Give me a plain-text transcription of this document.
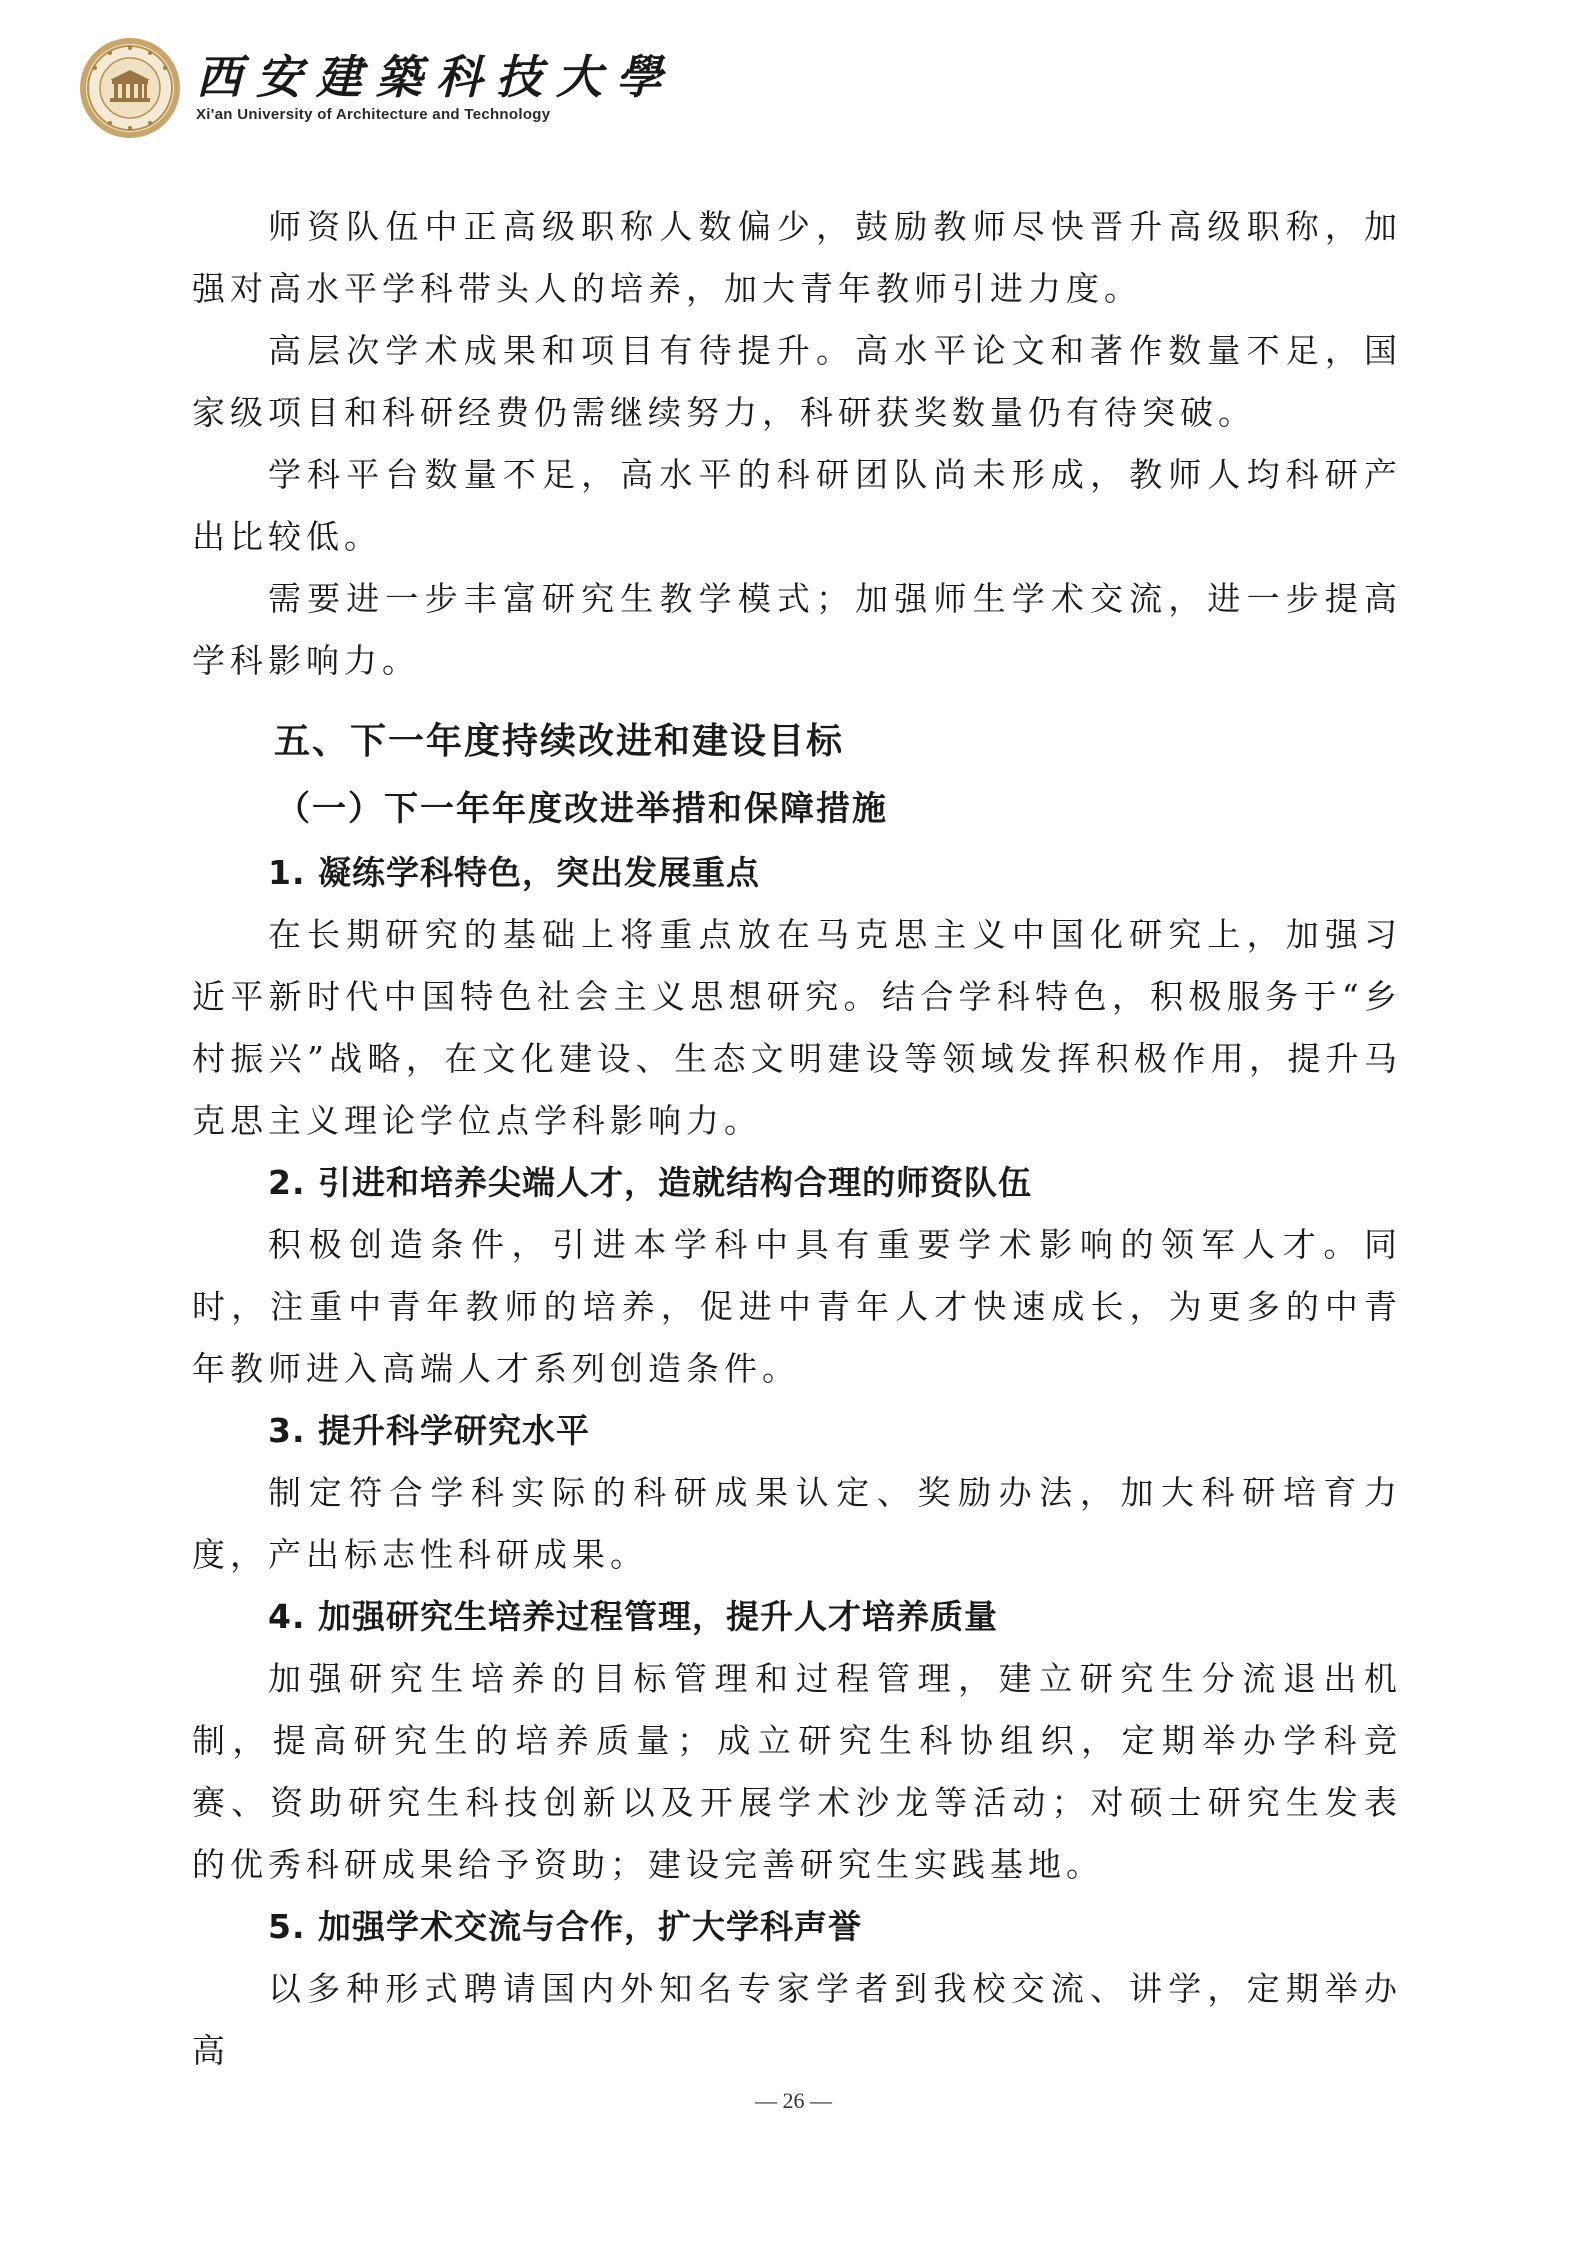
西安建築科技大學
Xi'an University of Architecture and Technology

师资队伍中正高级职称人数偏少，鼓励教师尽快晋升高级职称，加强对高水平学科带头人的培养，加大青年教师引进力度。

高层次学术成果和项目有待提升。高水平论文和著作数量不足，国家级项目和科研经费仍需继续努力，科研获奖数量仍有待突破。

学科平台数量不足，高水平的科研团队尚未形成，教师人均科研产出比较低。

需要进一步丰富研究生教学模式；加强师生学术交流，进一步提高学科影响力。

五、下一年度持续改进和建设目标
（一）下一年年度改进举措和保障措施
1. 凝练学科特色，突出发展重点

在长期研究的基础上将重点放在马克思主义中国化研究上，加强习近平新时代中国特色社会主义思想研究。结合学科特色，积极服务于“乡村振兴”战略，在文化建设、生态文明建设等领域发挥积极作用，提升马克思主义理论学位点学科影响力。

2. 引进和培养尖端人才，造就结构合理的师资队伍

积极创造条件，引进本学科中具有重要学术影响的领军人才。同时，注重中青年教师的培养，促进中青年人才快速成长，为更多的中青年教师进入高端人才系列创造条件。

3. 提升科学研究水平

制定符合学科实际的科研成果认定、奖励办法，加大科研培育力度，产出标志性科研成果。

4. 加强研究生培养过程管理，提升人才培养质量

加强研究生培养的目标管理和过程管理，建立研究生分流退出机制，提高研究生的培养质量；成立研究生科协组织，定期举办学科竞赛、资助研究生科技创新以及开展学术沙龙等活动；对硕士研究生发表的优秀科研成果给予资助；建设完善研究生实践基地。

5. 加强学术交流与合作，扩大学科声誉

以多种形式聘请国内外知名专家学者到我校交流、讲学，定期举办高

— 26 —
